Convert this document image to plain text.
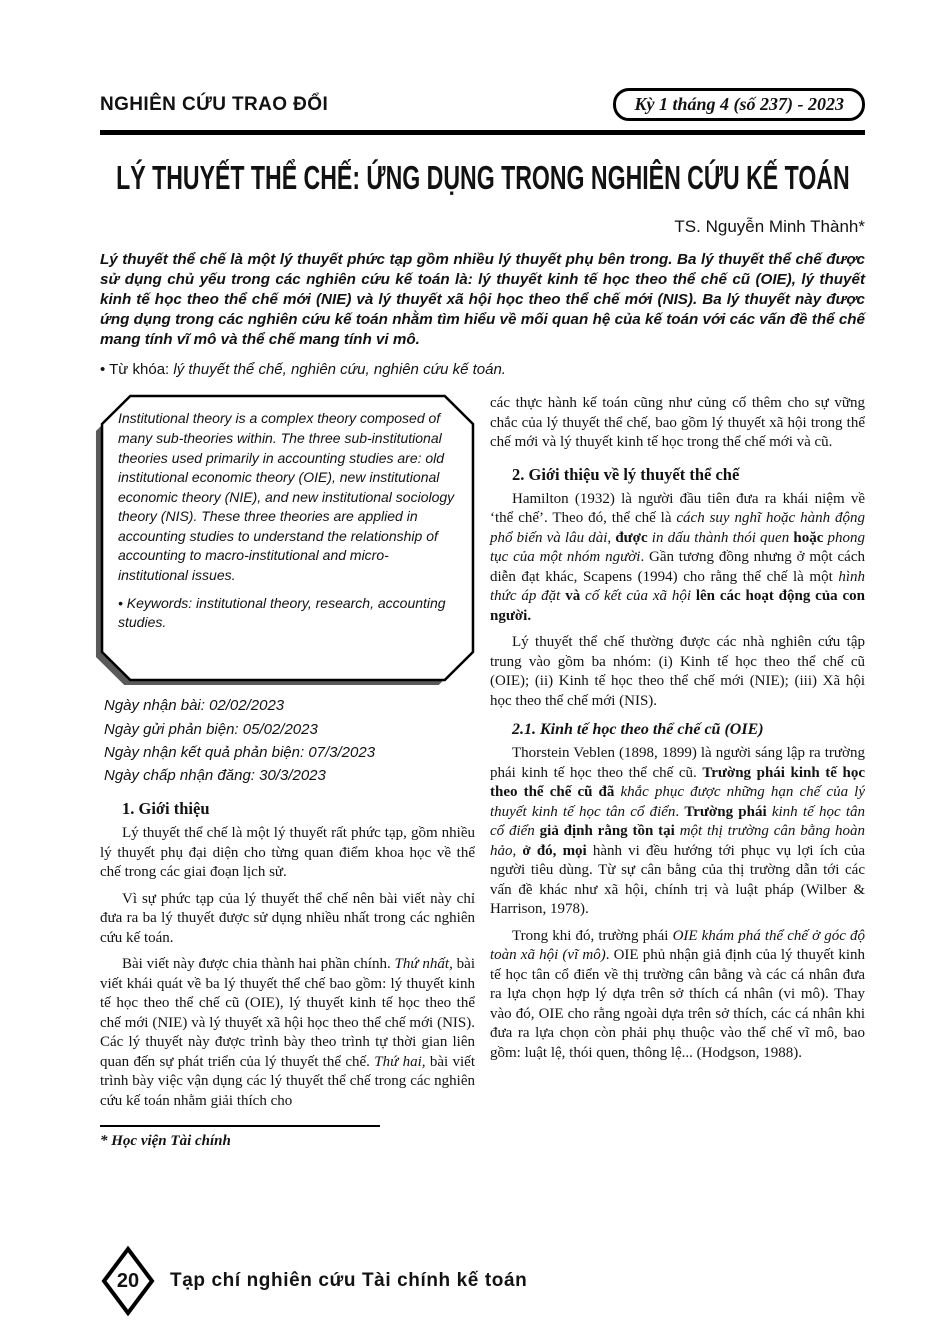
NGHIÊN CỨU TRAO ĐỔI	Kỳ 1 tháng 4 (số 237) - 2023
LÝ THUYẾT THỂ CHẾ: ỨNG DỤNG TRONG NGHIÊN CỨU KẾ TOÁN
TS. Nguyễn Minh Thành*

Lý thuyết thể chế là một lý thuyết phức tạp gồm nhiều lý thuyết phụ bên trong. Ba lý thuyết thể chế được sử dụng chủ yếu trong các nghiên cứu kế toán là: lý thuyết kinh tế học theo thể chế cũ (OIE), lý thuyết kinh tế học theo thể chế mới (NIE) và lý thuyết xã hội học theo thể chế mới (NIS). Ba lý thuyết này được ứng dụng trong các nghiên cứu kế toán nhằm tìm hiểu về mối quan hệ của kế toán với các vấn đề thể chế mang tính vĩ mô và thể chế mang tính vi mô.

• Từ khóa: lý thuyết thể chế, nghiên cứu, nghiên cứu kế toán.

Institutional theory is a complex theory composed of many sub-theories within. The three sub-institutional theories used primarily in accounting studies are: old institutional economic theory (OIE), new institutional economic theory (NIE), and new institutional sociology theory (NIS). These three theories are applied in accounting studies to understand the relationship of accounting to macro-institutional and micro-institutional issues.

• Keywords: institutional theory, research, accounting studies.

Ngày nhận bài: 02/02/2023

Ngày gửi phản biện: 05/02/2023

Ngày nhận kết quả phản biện: 07/3/2023

Ngày chấp nhận đăng: 30/3/2023

1. Giới thiệu

Lý thuyết thể chế là một lý thuyết rất phức tạp, gồm nhiều lý thuyết phụ đại diện cho từng quan điểm khoa học về thể chế trong các giai đoạn lịch sử.

Vì sự phức tạp của lý thuyết thể chế nên bài viết này chỉ đưa ra ba lý thuyết được sử dụng nhiều nhất trong các nghiên cứu kế toán.

Bài viết này được chia thành hai phần chính. Thứ nhất, bài viết khái quát về ba lý thuyết thể chế bao gồm: lý thuyết kinh tế học theo thể chế cũ (OIE), lý thuyết kinh tế học theo thể chế mới (NIE) và lý thuyết xã hội học theo thể chế mới (NIS). Các lý thuyết này được trình bày theo trình tự thời gian liên quan đến sự phát triển của lý thuyết thể chế. Thứ hai, bài viết trình bày việc vận dụng các lý thuyết thể chế trong các nghiên cứu kế toán nhằm giải thích cho

* Học viện Tài chính

các thực hành kế toán cũng như củng cố thêm cho sự vững chắc của lý thuyết thể chế, bao gồm lý thuyết xã hội trong thể chế mới và lý thuyết kinh tế học trong thể chế mới và cũ.

2. Giới thiệu về lý thuyết thể chế

Hamilton (1932) là người đầu tiên đưa ra khái niệm về ‘thể chế’. Theo đó, thể chế là cách suy nghĩ hoặc hành động phổ biến và lâu dài, được in dấu thành thói quen hoặc phong tục của một nhóm người. Gần tương đồng nhưng ở một cách diễn đạt khác, Scapens (1994) cho rằng thể chế là một hình thức áp đặt và cố kết của xã hội lên các hoạt động của con người.

Lý thuyết thể chế thường được các nhà nghiên cứu tập trung vào gồm ba nhóm: (i) Kinh tế học theo thể chế cũ (OIE); (ii) Kinh tế học theo thể chế mới (NIE); (iii) Xã hội học theo thể chế mới (NIS).

2.1. Kinh tế học theo thể chế cũ (OIE)

Thorstein Veblen (1898, 1899) là người sáng lập ra trường phái kinh tế học theo thể chế cũ. Trường phái kinh tế học theo thể chế cũ đã khắc phục được những hạn chế của lý thuyết kinh tế học tân cổ điển. Trường phái kinh tế học tân cổ điển giả định rằng tồn tại một thị trường cân bằng hoàn hảo, ở đó, mọi hành vi đều hướng tới phục vụ lợi ích của người tiêu dùng. Từ sự cân bằng của thị trường dẫn tới các vấn đề khác như xã hội, chính trị và luật pháp (Wilber & Harrison, 1978).

Trong khi đó, trường phái OIE khám phá thể chế ở góc độ toàn xã hội (vĩ mô). OIE phủ nhận giả định của lý thuyết kinh tế học tân cổ điển về thị trường cân bằng và các cá nhân đưa ra lựa chọn hợp lý dựa trên sở thích cá nhân (vi mô). Thay vào đó, OIE cho rằng ngoài dựa trên sở thích, các cá nhân khi đưa ra lựa chọn còn phải phụ thuộc vào thể chế vĩ mô, bao gồm: luật lệ, thói quen, thông lệ... (Hodgson, 1988).

20	Tạp chí nghiên cứu Tài chính kế toán
